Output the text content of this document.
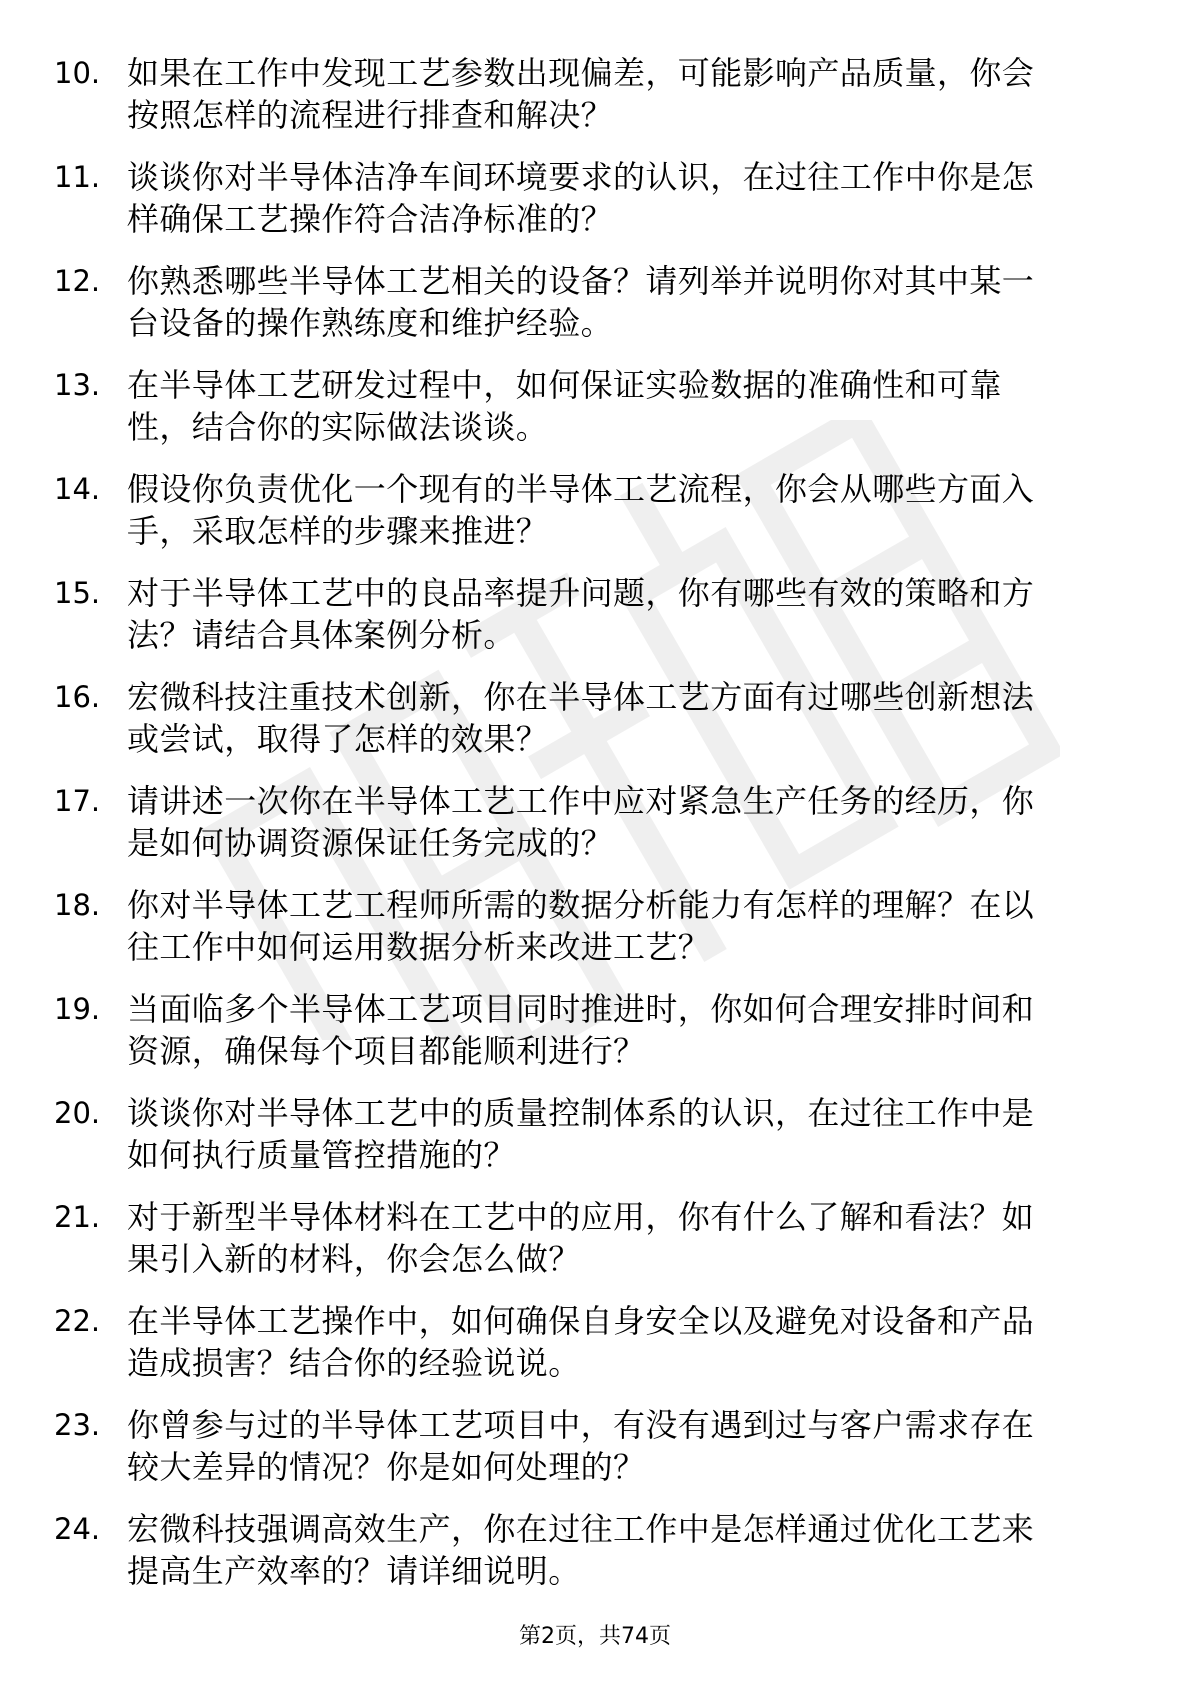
10. 如果在工作中发现工艺参数出现偏差，可能影响产品质量，你会
按照怎样的流程进行排查和解决？
11. 谈谈你对半导体洁净车间环境要求的认识，在过往工作中你是怎
样确保工艺操作符合洁净标准的？
12. 你熟悉哪些半导体工艺相关的设备？请列举并说明你对其中某一
台设备的操作熟练度和维护经验。
13. 在半导体工艺研发过程中，如何保证实验数据的准确性和可靠
性，结合你的实际做法谈谈。
14. 假设你负责优化一个现有的半导体工艺流程，你会从哪些方面入
手，采取怎样的步骤来推进？
15. 对于半导体工艺中的良品率提升问题，你有哪些有效的策略和方
法？请结合具体案例分析。
16. 宏微科技注重技术创新，你在半导体工艺方面有过哪些创新想法
或尝试，取得了怎样的效果？
17. 请讲述一次你在半导体工艺工作中应对紧急生产任务的经历，你
是如何协调资源保证任务完成的？
18. 你对半导体工艺工程师所需的数据分析能力有怎样的理解？在以
往工作中如何运用数据分析来改进工艺？
19. 当面临多个半导体工艺项目同时推进时，你如何合理安排时间和
资源，确保每个项目都能顺利进行？
20. 谈谈你对半导体工艺中的质量控制体系的认识，在过往工作中是
如何执行质量管控措施的？
21. 对于新型半导体材料在工艺中的应用，你有什么了解和看法？如
果引入新的材料，你会怎么做？
22. 在半导体工艺操作中，如何确保自身安全以及避免对设备和产品
造成损害？结合你的经验说说。
23. 你曾参与过的半导体工艺项目中，有没有遇到过与客户需求存在
较大差异的情况？你是如何处理的？
24. 宏微科技强调高效生产，你在过往工作中是怎样通过优化工艺来
提高生产效率的？请详细说明。
第2页，共74页
